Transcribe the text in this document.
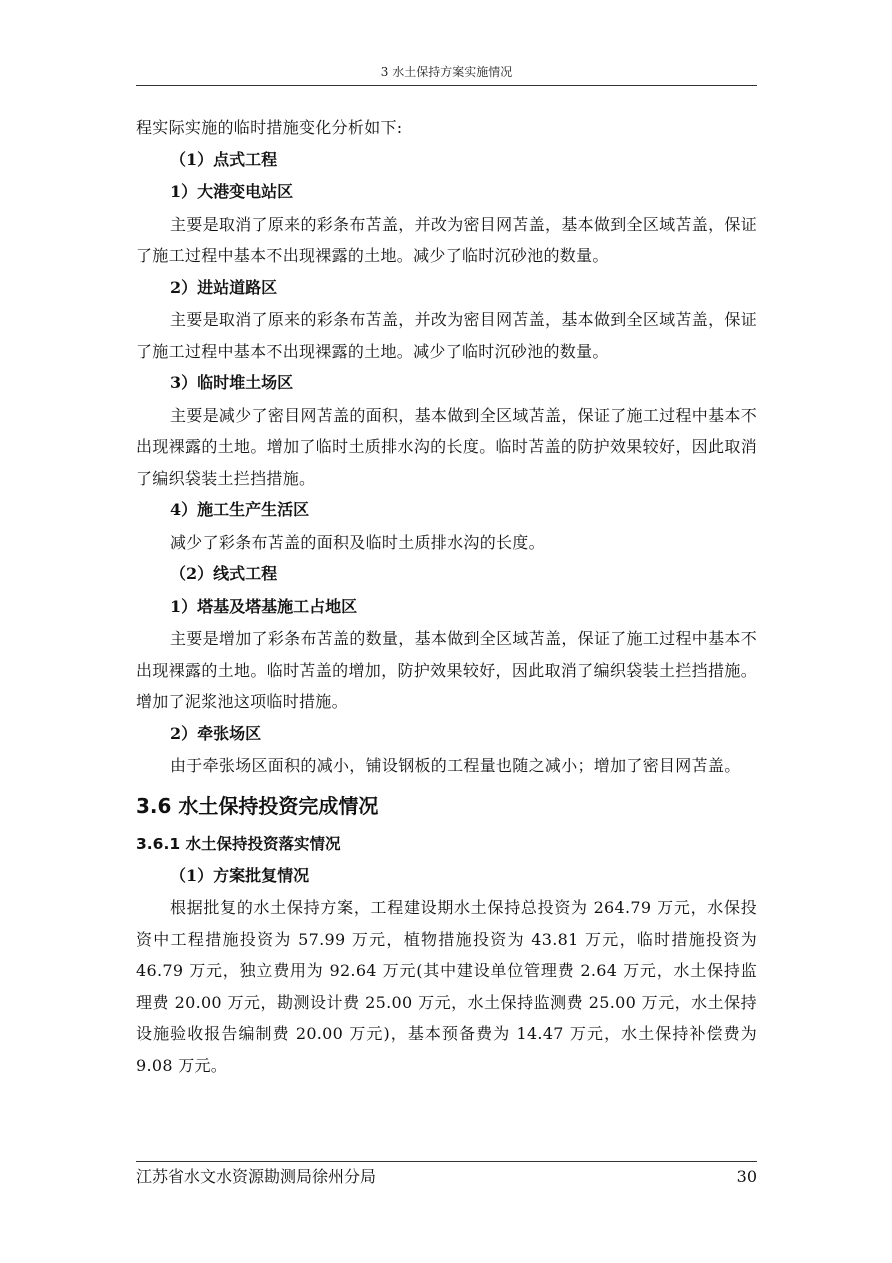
3 水土保持方案实施情况

程实际实施的临时措施变化分析如下:

（1）点式工程

1）大港变电站区

主要是取消了原来的彩条布苫盖，并改为密目网苫盖，基本做到全区域苫盖，保证了施工过程中基本不出现裸露的土地。减少了临时沉砂池的数量。

2）进站道路区

主要是取消了原来的彩条布苫盖，并改为密目网苫盖，基本做到全区域苫盖，保证了施工过程中基本不出现裸露的土地。减少了临时沉砂池的数量。

3）临时堆土场区

主要是减少了密目网苫盖的面积，基本做到全区域苫盖，保证了施工过程中基本不出现裸露的土地。增加了临时土质排水沟的长度。临时苫盖的防护效果较好，因此取消了编织袋装土拦挡措施。

4）施工生产生活区

减少了彩条布苫盖的面积及临时土质排水沟的长度。

（2）线式工程

1）塔基及塔基施工占地区

主要是增加了彩条布苫盖的数量，基本做到全区域苫盖，保证了施工过程中基本不出现裸露的土地。临时苫盖的增加，防护效果较好，因此取消了编织袋装土拦挡措施。增加了泥浆池这项临时措施。

2）牵张场区

由于牵张场区面积的减小，铺设钢板的工程量也随之减小；增加了密目网苫盖。

3.6 水土保持投资完成情况

3.6.1 水土保持投资落实情况

（1）方案批复情况

根据批复的水土保持方案，工程建设期水土保持总投资为 264.79 万元，水保投资中工程措施投资为 57.99 万元，植物措施投资为 43.81 万元，临时措施投资为 46.79 万元，独立费用为 92.64 万元(其中建设单位管理费 2.64 万元，水土保持监理费 20.00 万元，勘测设计费 25.00 万元，水土保持监测费 25.00 万元，水土保持设施验收报告编制费 20.00 万元)，基本预备费为 14.47 万元，水土保持补偿费为 9.08 万元。

江苏省水文水资源勘测局徐州分局	30
